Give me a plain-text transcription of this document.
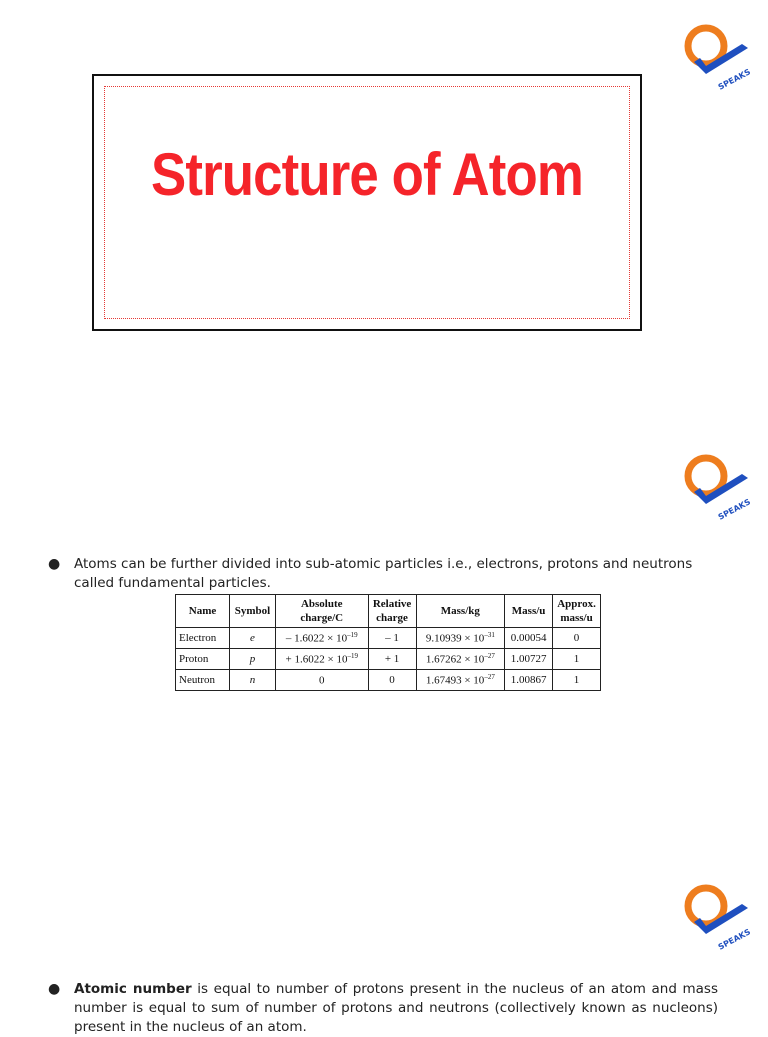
SPEAKS
Structure of Atom
SPEAKS
● Atoms can be further divided into sub-atomic particles i.e., electrons, protons and neutrons called fundamental particles.
Name	Symbol	Absolute charge/C	Relative charge	Mass/kg	Mass/u	Approx. mass/u
Electron	e	– $1.6022 \times 10^{-19}$	– 1	$9.10939 \times 10^{-31}$	0.00054	0
Proton	p	+ $1.6022 \times 10^{-19}$	+ 1	$1.67262 \times 10^{-27}$	1.00727	1
Neutron	n	0	0	$1.67493 \times 10^{-27}$	1.00867	1
SPEAKS
● Atomic number is equal to number of protons present in the nucleus of an atom and mass number is equal to sum of number of protons and neutrons (collectively known as nucleons) present in the nucleus of an atom.
